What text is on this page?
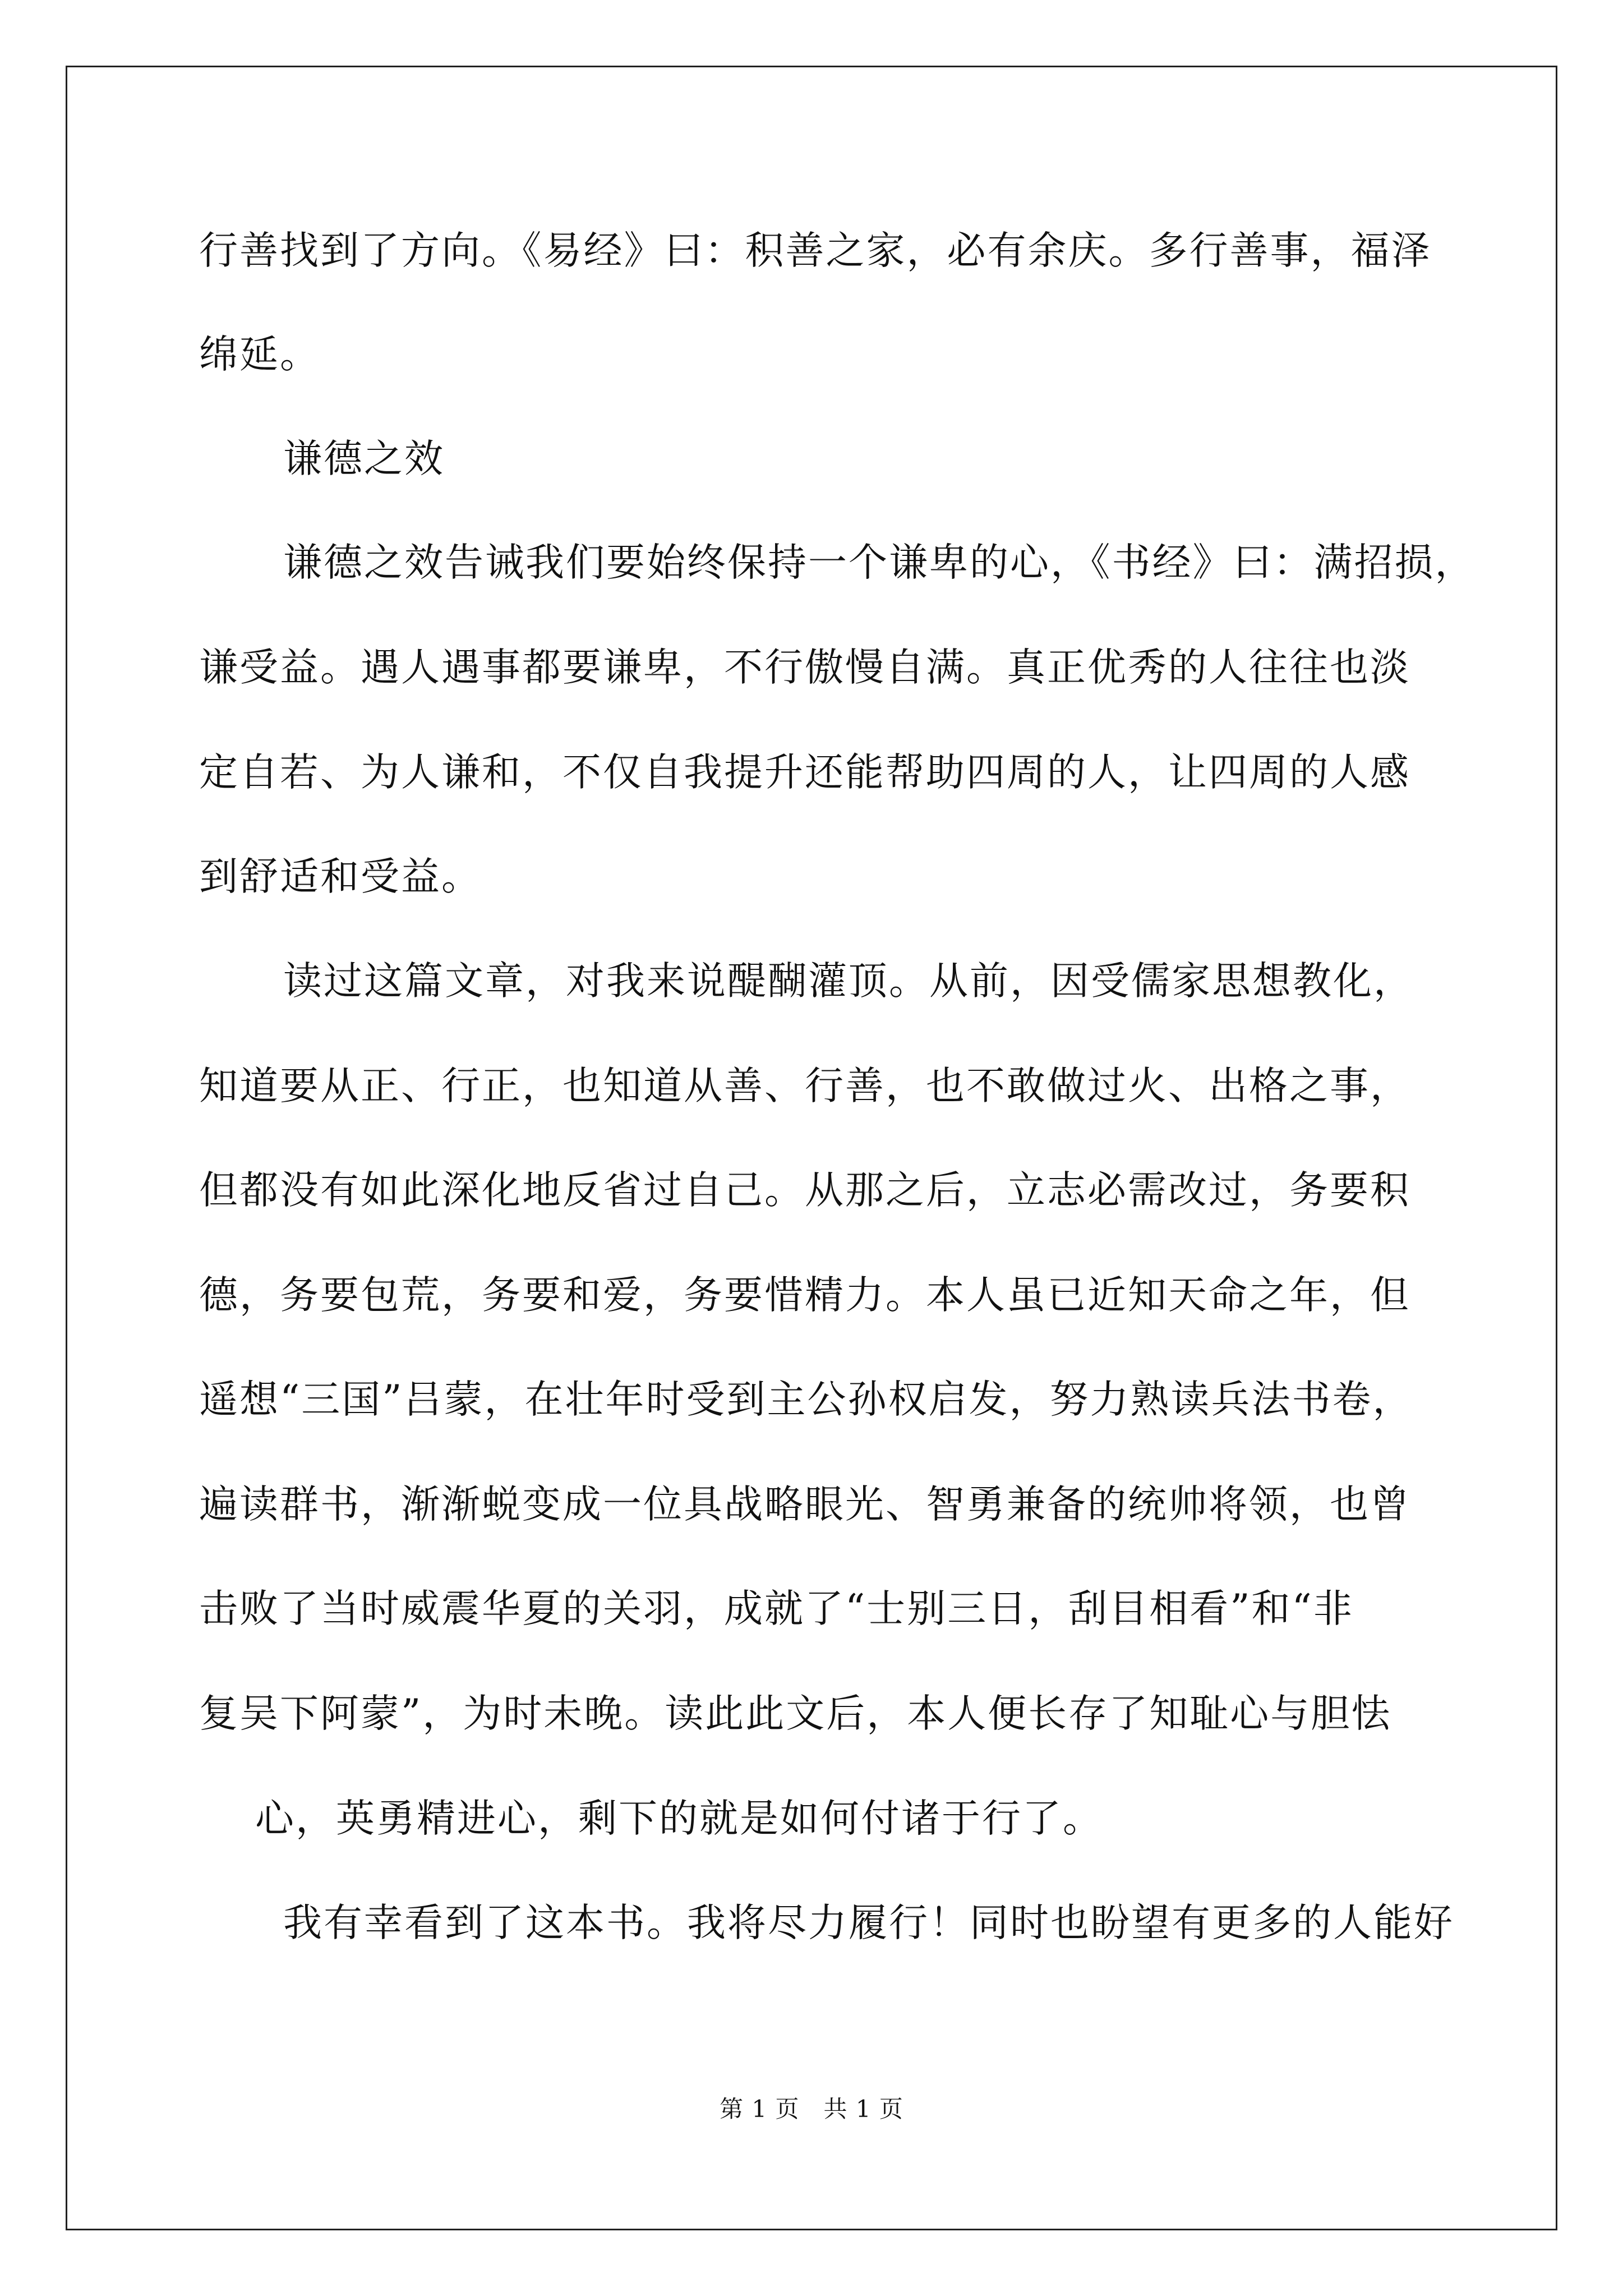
行善找到了方向。《易经》曰：积善之家，必有余庆。多行善事，福泽
绵延。
谦德之效
谦德之效告诫我们要始终保持一个谦卑的心，《书经》曰：满招损，
谦受益。遇人遇事都要谦卑，不行傲慢自满。真正优秀的人往往也淡
定自若、为人谦和，不仅自我提升还能帮助四周的人，让四周的人感
到舒适和受益。
读过这篇文章，对我来说醍醐灌顶。从前，因受儒家思想教化，
知道要从正、行正，也知道从善、行善，也不敢做过火、出格之事，
但都没有如此深化地反省过自己。从那之后，立志必需改过，务要积
德，务要包荒，务要和爱，务要惜精力。本人虽已近知天命之年，但
遥想“三国”吕蒙，在壮年时受到主公孙权启发，努力熟读兵法书卷，
遍读群书，渐渐蜕变成一位具战略眼光、智勇兼备的统帅将领，也曾
击败了当时威震华夏的关羽，成就了“士别三日，刮目相看”和“非
复吴下阿蒙”，为时未晚。读此此文后，本人便长存了知耻心与胆怯
心，英勇精进心，剩下的就是如何付诸于行了。
我有幸看到了这本书。我将尽力履行！同时也盼望有更多的人能好
第 1 页　共 1 页
